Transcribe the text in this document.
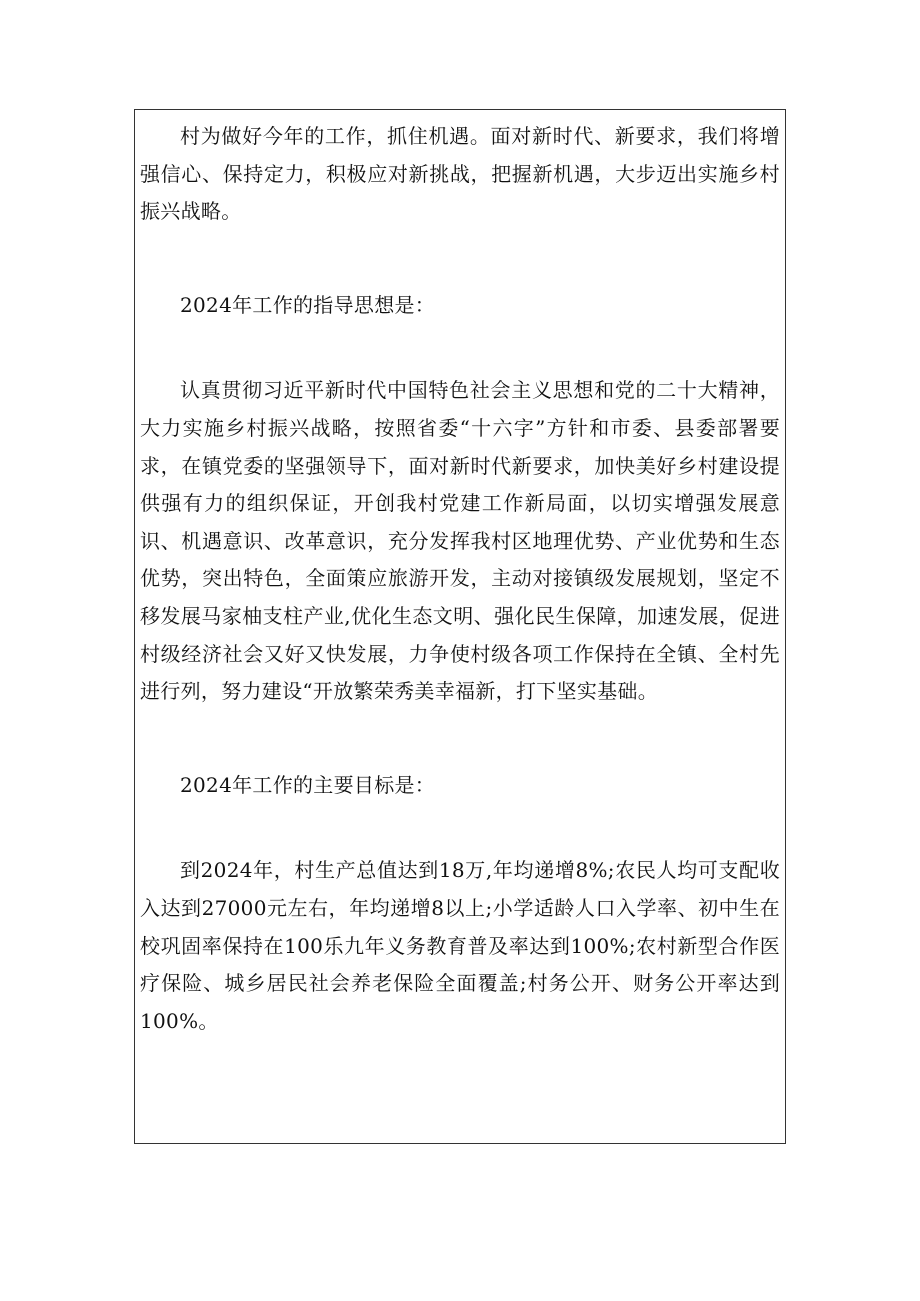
村为做好今年的工作，抓住机遇。面对新时代、新要求，我们将增强信心、保持定力，积极应对新挑战，把握新机遇，大步迈出实施乡村振兴战略。

2024年工作的指导思想是：

认真贯彻习近平新时代中国特色社会主义思想和党的二十大精神，大力实施乡村振兴战略，按照省委“十六字”方针和市委、县委部署要求，在镇党委的坚强领导下，面对新时代新要求，加快美好乡村建设提供强有力的组织保证，开创我村党建工作新局面，以切实增强发展意识、机遇意识、改革意识，充分发挥我村区地理优势、产业优势和生态优势，突出特色，全面策应旅游开发，主动对接镇级发展规划，坚定不移发展马家柚支柱产业,优化生态文明、强化民生保障，加速发展，促进村级经济社会又好又快发展，力争使村级各项工作保持在全镇、全村先进行列，努力建设“开放繁荣秀美幸福新，打下坚实基础。

2024年工作的主要目标是：

到2024年，村生产总值达到18万,年均递增8%;农民人均可支配收入达到27000元左右，年均递增8以上;小学适龄人口入学率、初中生在校巩固率保持在100乐九年义务教育普及率达到100%;农村新型合作医疗保险、城乡居民社会养老保险全面覆盖;村务公开、财务公开率达到100%。
